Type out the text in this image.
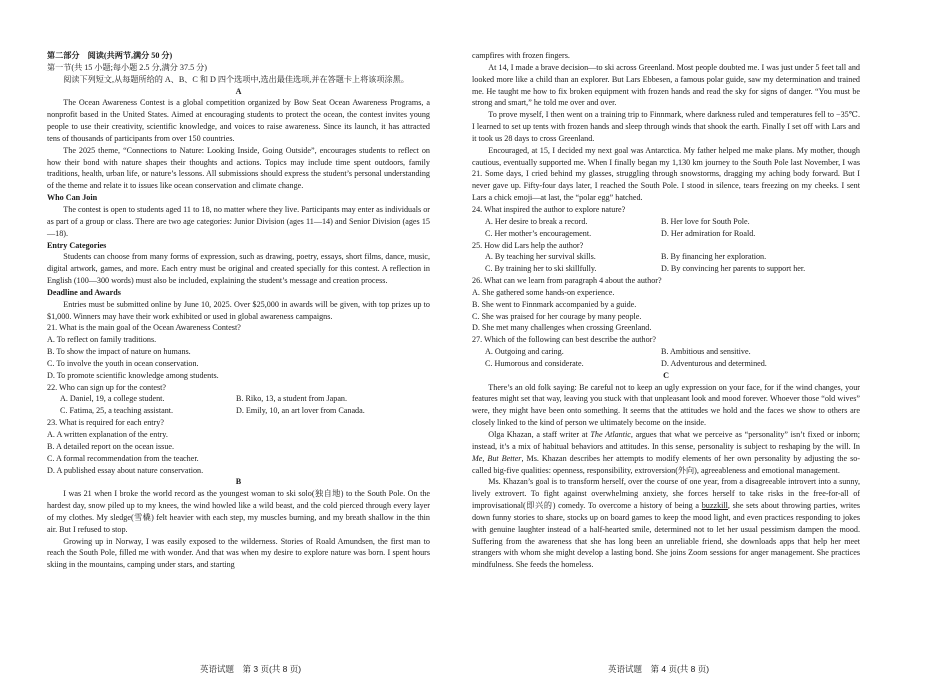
第二部分　阅读(共两节,满分 50 分)

第一节(共 15 小题;每小题 2.5 分,满分 37.5 分)

阅读下列短文,从每题所给的 A、B、C 和 D 四个选项中,选出最佳选项,并在答题卡上将该项涂黑。

A

The Ocean Awareness Contest is a global competition organized by Bow Seat Ocean Awareness Programs, a nonprofit based in the United States. Aimed at encouraging students to protect the ocean, the contest invites young people to use their creativity, scientific knowledge, and voices to raise awareness. Since its launch, it has attracted tens of thousands of participants from over 150 countries.

The 2025 theme, “Connections to Nature: Looking Inside, Going Outside”, encourages students to reflect on how their bond with nature shapes their thoughts and actions. Topics may include time spent outdoors, family traditions, health, urban life, or nature’s lessons. All submissions should express the student’s personal understanding of the theme and relate it to issues like ocean conservation and climate change.

Who Can Join

The contest is open to students aged 11 to 18, no matter where they live. Participants may enter as individuals or as part of a group or class. There are two age categories: Junior Division (ages 11—14) and Senior Division (ages 15—18).

Entry Categories

Students can choose from many forms of expression, such as drawing, poetry, essays, short films, dance, music, digital artwork, games, and more. Each entry must be original and created specially for this contest. A reflection in English (100—300 words) must also be included, explaining the student’s message and creation process.

Deadline and Awards

Entries must be submitted online by June 10, 2025. Over $25,000 in awards will be given, with top prizes up to $1,000. Winners may have their work exhibited or used in global awareness campaigns.

21. What is the main goal of the Ocean Awareness Contest?

A. To reflect on family traditions.

B. To show the impact of nature on humans.

C. To involve the youth in ocean conservation.

D. To promote scientific knowledge among students.

22. Who can sign up for the contest?

A. Daniel, 19, a college student.	B. Riko, 13, a student from Japan.
C. Fatima, 25, a teaching assistant.	D. Emily, 10, an art lover from Canada.

23. What is required for each entry?

A. A written explanation of the entry.

B. A detailed report on the ocean issue.

C. A formal recommendation from the teacher.

D. A published essay about nature conservation.

B

I was 21 when I broke the world record as the youngest woman to ski solo(独自地) to the South Pole. On the hardest day, snow piled up to my knees, the wind howled like a wild beast, and the cold pierced through every layer of my clothes. My sledge(雪橇) felt heavier with each step, my muscles burning, and my breath shallow in the thin air. But I refused to stop.

Growing up in Norway, I was easily exposed to the wilderness. Stories of Roald Amundsen, the first man to reach the South Pole, filled me with wonder. And that was when my desire to explore nature was born. I spent hours skiing in the mountains, camping under stars, and starting

campfires with frozen fingers.

At 14, I made a brave decision—to ski across Greenland. Most people doubted me. I was just under 5 feet tall and looked more like a child than an explorer. But Lars Ebbesen, a famous polar guide, saw my determination and trained me. He taught me how to fix broken equipment with frozen hands and read the sky for signs of danger. “You must be strong and smart,” he told me over and over.

To prove myself, I then went on a training trip to Finnmark, where darkness ruled and temperatures fell to −35℃. I learned to set up tents with frozen hands and sleep through winds that shook the earth. Finally I set off with Lars and it took us 28 days to cross Greenland.

Encouraged, at 15, I decided my next goal was Antarctica. My father helped me make plans. My mother, though cautious, eventually supported me. When I finally began my 1,130 km journey to the South Pole last November, I was 21. Some days, I cried behind my glasses, struggling through snowstorms, dragging my aching body forward. But I never gave up. Fifty-four days later, I reached the South Pole. I stood in silence, tears freezing on my cheeks. I sent Lars a chick emoji—at last, the “polar egg” hatched.

24. What inspired the author to explore nature?

A. Her desire to break a record.	B. Her love for South Pole.
C. Her mother’s encouragement.	D. Her admiration for Roald.

25. How did Lars help the author?

A. By teaching her survival skills.	B. By financing her exploration.
C. By training her to ski skillfully.	D. By convincing her parents to support her.

26. What can we learn from paragraph 4 about the author?

A. She gathered some hands-on experience.

B. She went to Finnmark accompanied by a guide.

C. She was praised for her courage by many people.

D. She met many challenges when crossing Greenland.

27. Which of the following can best describe the author?

A. Outgoing and caring.	B. Ambitious and sensitive.
C. Humorous and considerate.	D. Adventurous and determined.

C

There’s an old folk saying: Be careful not to keep an ugly expression on your face, for if the wind changes, your features might set that way, leaving you stuck with that unpleasant look and mood forever. Whoever those “old wives” were, they might have been onto something. It seems that the attitudes we hold and the faces we show to others are closely linked to the kind of person we ultimately become on the inside.

Olga Khazan, a staff writer at The Atlantic, argues that what we perceive as “personality” isn’t fixed or inborn; instead, it’s a mix of habitual behaviors and attitudes. In this sense, personality is subject to reshaping by the will. In Me, But Better, Ms. Khazan describes her attempts to modify elements of her own personality by adjusting the so-called big-five qualities: openness, responsibility, extroversion(外向), agreeableness and emotional management.

Ms. Khazan’s goal is to transform herself, over the course of one year, from a disagreeable introvert into a sunny, lively extrovert. To fight against overwhelming anxiety, she forces herself to take risks in the free-for-all of improvisational(即兴的) comedy. To overcome a history of being a buzzkill, she sets about throwing parties, writes down funny stories to share, stocks up on board games to keep the mood light, and even practices responding to jokes with genuine laughter instead of a half-hearted smile, determined not to let her usual pessimism dampen the mood. Suffering from the awareness that she has long been an unreliable friend, she downloads apps that help her meet strangers with whom she might develop a lasting bond. She joins Zoom sessions for anger management. She practices mindfulness. She feeds the homeless.

英语试题　第 3 页(共 8 页)	英语试题　第 4 页(共 8 页)
